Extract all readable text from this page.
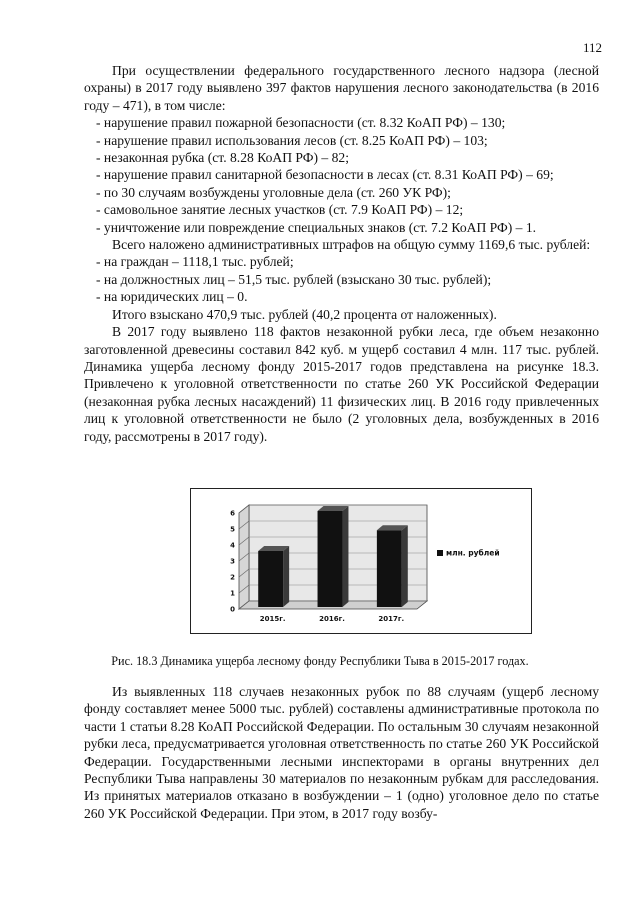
112

При осуществлении федерального государственного лесного надзора (лесной охраны) в 2017 году выявлено 397 фактов нарушения лесного законодательства (в 2016 году – 471), в том числе:

- нарушение правил пожарной безопасности (ст. 8.32 КоАП РФ) – 130;

- нарушение правил использования лесов (ст. 8.25 КоАП РФ) – 103;

- незаконная рубка (ст. 8.28 КоАП РФ) – 82;

- нарушение правил санитарной безопасности в лесах (ст. 8.31 КоАП РФ) – 69;

- по 30 случаям возбуждены уголовные дела (ст. 260 УК РФ);

- самовольное занятие лесных участков (ст. 7.9 КоАП РФ) – 12;

- уничтожение или повреждение специальных знаков (ст. 7.2 КоАП РФ) – 1.

Всего наложено административных штрафов на общую сумму 1169,6 тыс. рублей:

- на граждан – 1118,1 тыс. рублей;

- на должностных лиц – 51,5 тыс. рублей (взыскано 30 тыс. рублей);

- на юридических лиц – 0.

Итого взыскано 470,9 тыс. рублей (40,2 процента от наложенных).

В 2017 году выявлено 118 фактов незаконной рубки леса, где объем незаконно заготовленной древесины составил 842 куб. м ущерб составил 4 млн. 117 тыс. рублей. Динамика ущерба лесному фонду 2015-2017 годов представлена на рисунке 18.3. Привлечено к уголовной ответственности по статье 260 УК Российской Федерации (незаконная рубка лесных насаждений) 11 физических лиц. В 2016 году привлеченных лиц к уголовной ответственности не было (2 уголовных дела, возбужденных в 2016 году, рассмотрены в 2017 году).

0
1
2
3
4
5
6
2015г.	2016г.	2017г.
млн. рублей
Рис. 18.3 Динамика ущерба лесному фонду Республики Тыва в 2015-2017 годах.

Из выявленных 118 случаев незаконных рубок по 88 случаям (ущерб лесному фонду составляет менее 5000 тыс. рублей) составлены административные протокола по части 1 статьи 8.28 КоАП Российской Федерации. По остальным 30 случаям незаконной рубки леса, предусматривается уголовная ответственность по статье 260 УК Российской Федерации. Государственными лесными инспекторами в органы внутренних дел Республики Тыва направлены 30 материалов по незаконным рубкам для расследования. Из принятых материалов отказано в возбуждении – 1 (одно) уголовное дело по статье 260 УК Российской Федерации. При этом, в 2017 году возбу-
